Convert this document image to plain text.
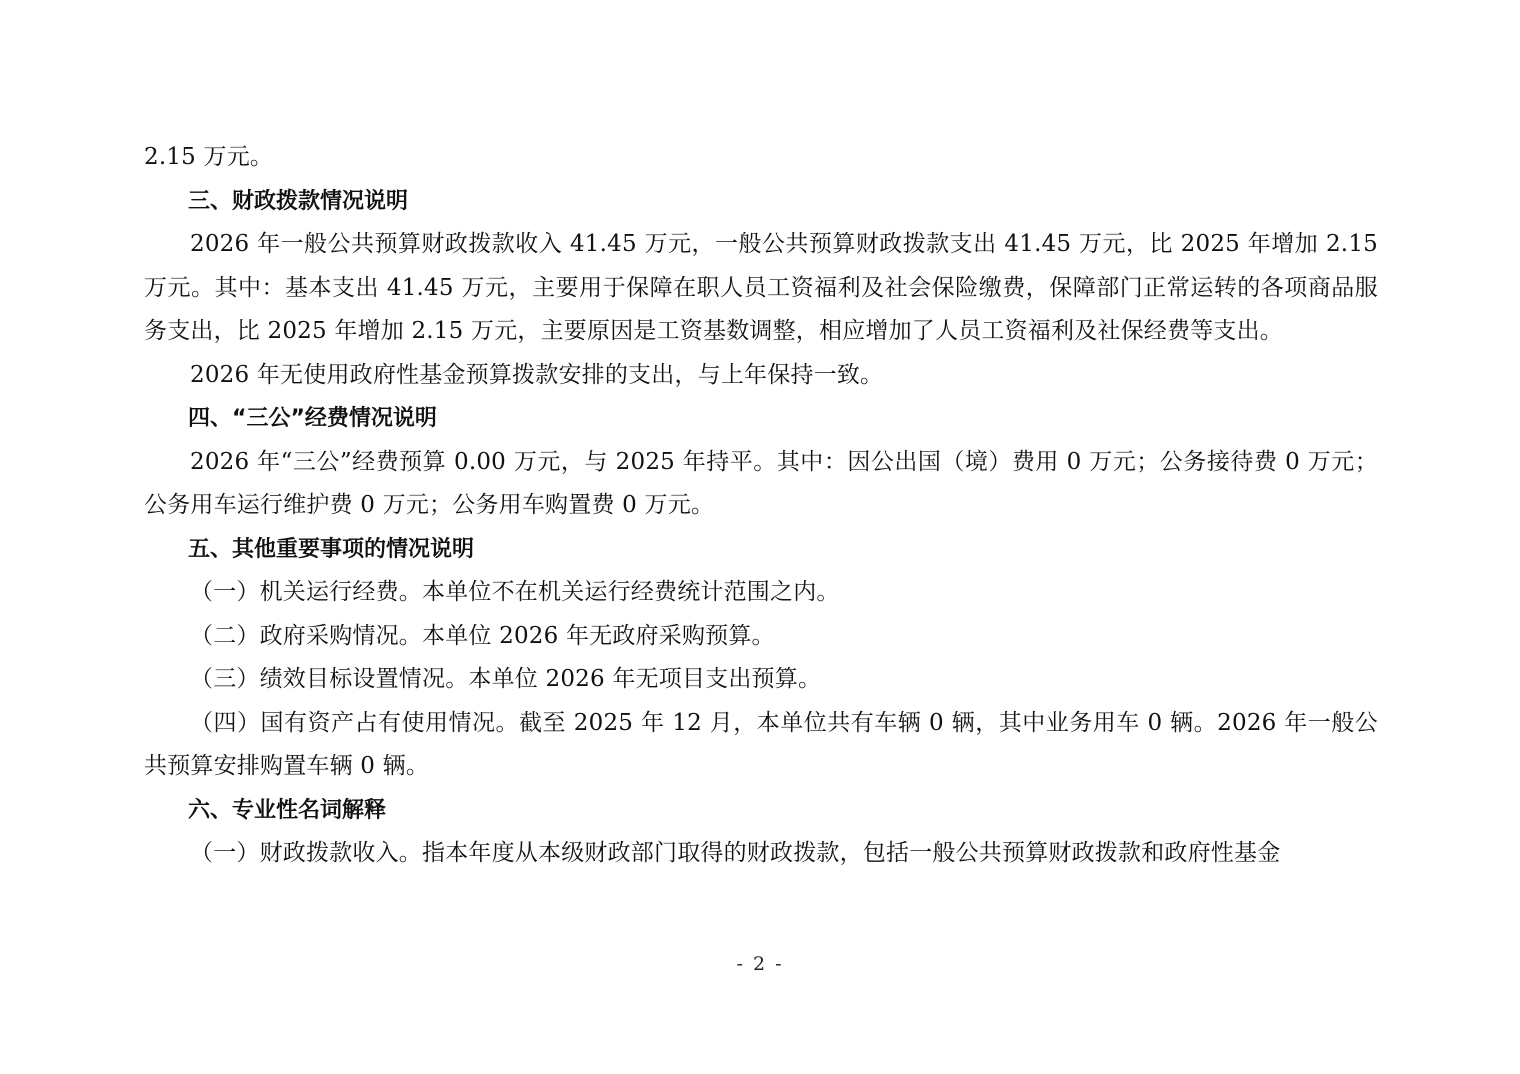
2.15 万元。

三、财政拨款情况说明

2026 年一般公共预算财政拨款收入 41.45 万元，一般公共预算财政拨款支出 41.45 万元，比 2025 年增加 2.15 万元。其中：基本支出 41.45 万元，主要用于保障在职人员工资福利及社会保险缴费，保障部门正常运转的各项商品服务支出，比 2025 年增加 2.15 万元，主要原因是工资基数调整，相应增加了人员工资福利及社保经费等支出。

2026 年无使用政府性基金预算拨款安排的支出，与上年保持一致。

四、“三公”经费情况说明

2026 年“三公”经费预算 0.00 万元，与 2025 年持平。其中：因公出国（境）费用 0 万元；公务接待费 0 万元；公务用车运行维护费 0 万元；公务用车购置费 0 万元。

五、其他重要事项的情况说明

（一）机关运行经费。本单位不在机关运行经费统计范围之内。

（二）政府采购情况。本单位 2026 年无政府采购预算。

（三）绩效目标设置情况。本单位 2026 年无项目支出预算。

（四）国有资产占有使用情况。截至 2025 年 12 月，本单位共有车辆 0 辆，其中业务用车 0 辆。2026 年一般公共预算安排购置车辆 0 辆。

六、专业性名词解释

（一）财政拨款收入。指本年度从本级财政部门取得的财政拨款，包括一般公共预算财政拨款和政府性基金

- 2 -
